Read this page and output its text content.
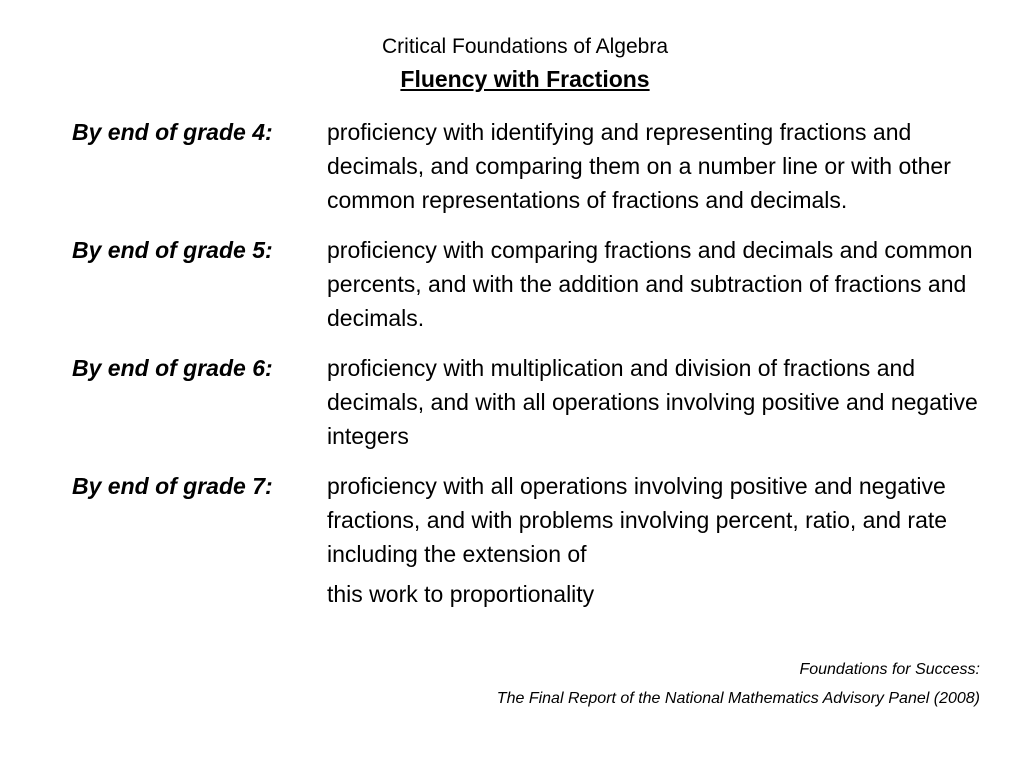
Critical Foundations of Algebra
Fluency with Fractions
By end of grade 4:	proficiency with identifying and representing fractions and decimals, and comparing them on a number line or with other common representations of fractions and decimals.
By end of grade 5:	proficiency with comparing fractions and decimals and common percents, and with the addition and subtraction of fractions and decimals.
By end of grade 6:	proficiency with multiplication and division of fractions and decimals, and with all operations involving positive and negative integers
By end of grade 7:	proficiency with all operations involving positive and negative fractions, and with problems involving percent, ratio, and rate including the extension of
this work to proportionality
Foundations for Success:
The Final Report of the National Mathematics Advisory Panel (2008)
